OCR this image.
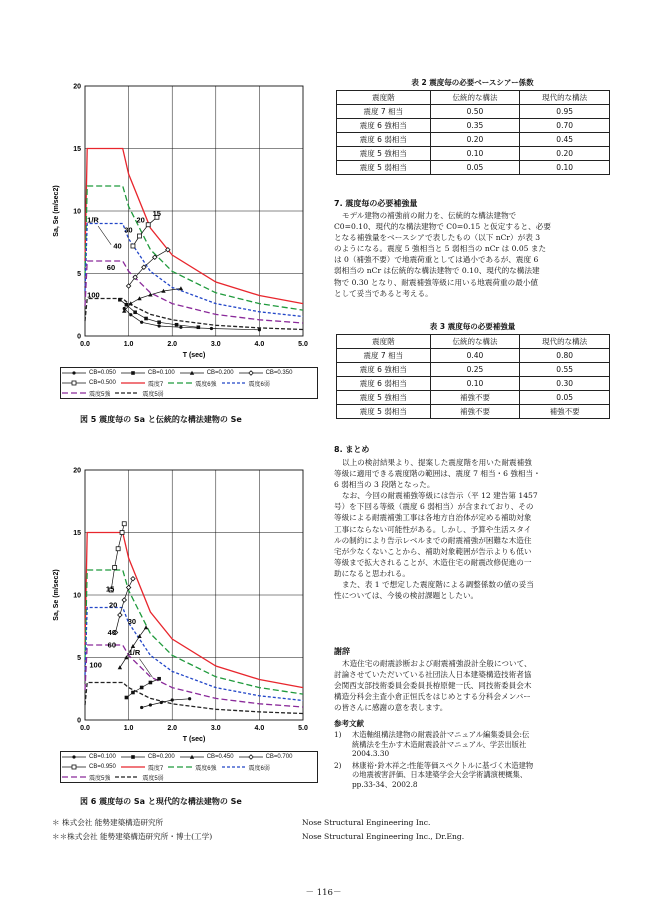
0
5
10
15
20
0.0	1.0	2.0	3.0	4.0	5.0
T (sec)
Sa, Se (m/sec2)	1/R
15
20
30
40
60
100
CB=0.050	CB=0.100	CB=0.200	CB=0.350
CB=0.500	震度7	震度6強	震度6弱
震度5強	震度5弱
図 5 震度毎の Sa と伝統的な構法建物の Se
0
5
10
15
20
0.0	1.0	2.0	3.0	4.0	5.0
T (sec)
Sa, Se (m/sec2)
1/R
15
20
30
40
60
100
CB=0.100	CB=0.200	CB=0.450	CB=0.700
CB=0.950	震度7	震度6強	震度6弱
震度5強	震度5弱
図 6 震度毎の Sa と現代的な構法建物の Se
表 2 震度毎の必要ベースシアー係数
震度階	伝統的な構法	現代的な構法
震度 7 相当	0.50	0.95
震度 6 強相当	0.35	0.70
震度 6 弱相当	0.20	0.45
震度 5 強相当	0.10	0.20
震度 5 弱相当	0.05	0.10
7. 震度毎の必要補強量
モデル建物の補強前の耐力を、伝統的な構法建物で
C0=0.10、現代的な構法建物で C0=0.15 と仮定すると、必要
となる補強量をベースシアで表したもの（以下 nCr）が表 3
のようになる。震度 5 強相当と 5 弱相当の nCr は 0.05 また
は 0（補強不要）で地震荷重としては過小であるが、震度 6
弱相当の nCr は伝統的な構法建物で 0.10、現代的な構法建
物で 0.30 となり、耐震補強等級に用いる地震荷重の最小値
として妥当であると考える。
表 3 震度毎の必要補強量
震度階	伝統的な構法	現代的な構法
震度 7 相当	0.40	0.80
震度 6 強相当	0.25	0.55
震度 6 弱相当	0.10	0.30
震度 5 強相当	補強不要	0.05
震度 5 弱相当	補強不要	補強不要
8. まとめ
以上の検討結果より、提案した震度階を用いた耐震補強
等級に適用できる震度階の範囲は、震度 7 相当・6 強相当・
6 弱相当の 3 段階となった。
なお、今回の耐震補強等級には告示（平 12 建告第 1457
号）を下回る等級（震度 6 弱相当）が含まれており、その
等級による耐震補強工事は各地方自治体が定める補助対象
工事にならない可能性がある。しかし、予算や生活スタイ
ルの制約により告示レベルまでの耐震補強が困難な木造住
宅が少なくないことから、補助対象範囲が告示よりも低い
等級まで拡大されることが、木造住宅の耐震改修促進の一
助になると思われる。
また、表 1 で想定した震度階による調整係数の値の妥当
性については、今後の検討課題としたい。
謝辞
木造住宅の耐震診断および耐震補強設計全般について、
討論させていただいている社団法人日本建築構造技術者協
会関西支部技術委員会委員長栫原健一氏、同技術委員会木
構造分科会主査小倉正恒氏をはじめとする分科会メンバー
の皆さんに感謝の意を表します。
参考文献
1)	木造軸組構法建物の耐震設計マニュアル編集委員会:伝
統構法を生かす木造耐震設計マニュアル、学芸出版社
2004.3.30
2)	林康裕･鈴木祥之:性能等価スペクトルに基づく木造建物
の地震被害評価、日本建築学会大会学術講演梗概集、
pp.33-34、2002.8
＊ 株式会社 能勢建築構造研究所	Nose Structural Engineering Inc.
＊＊株式会社 能勢建築構造研究所・博士(工学)	Nose Structural Engineering Inc., Dr.Eng.
－ 116－
